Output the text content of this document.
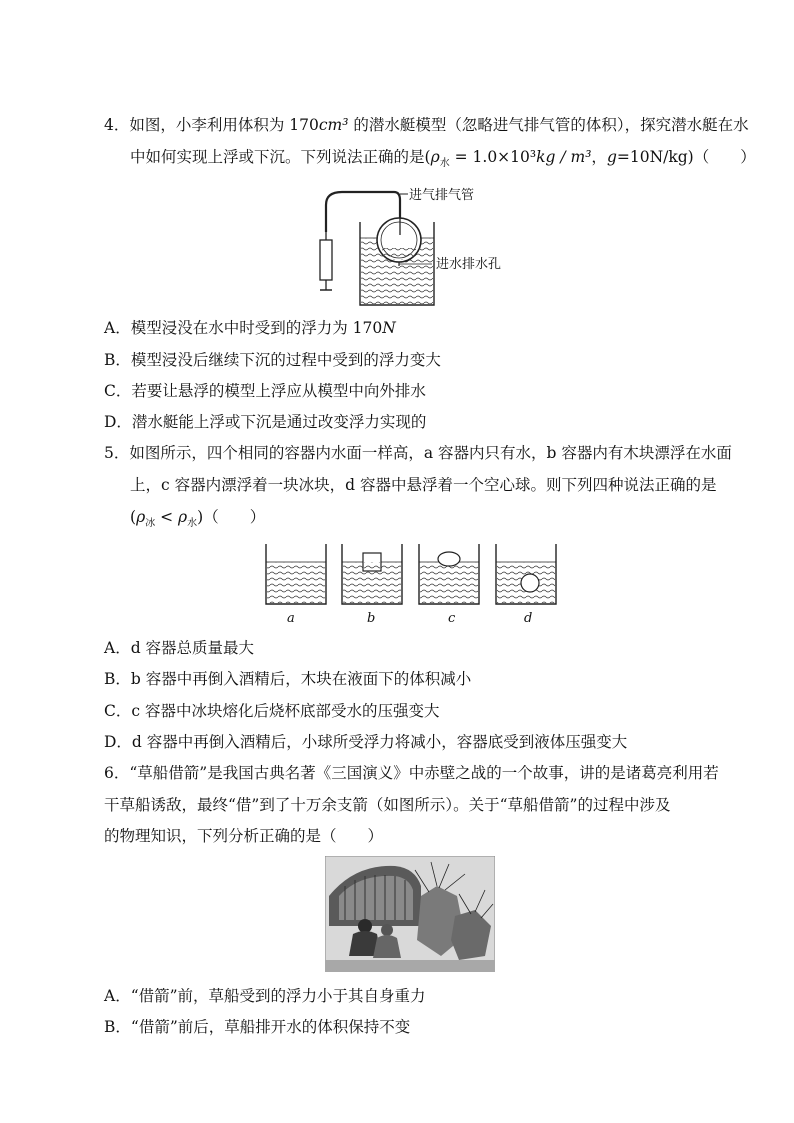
4．如图，小李利用体积为 170cm³ 的潜水艇模型（忽略进气排气管的体积），探究潜水艇在水
中如何实现上浮或下沉。下列说法正确的是($\rho_水 = 1.0\times 10^3kg / m^3$，g=10N/kg)（　　）
进气排气管
进水排水孔
A．模型浸没在水中时受到的浮力为 170N
B．模型浸没后继续下沉的过程中受到的浮力变大
C．若要让悬浮的模型上浮应从模型中向外排水
D．潜水艇能上浮或下沉是通过改变浮力实现的
5．如图所示，四个相同的容器内水面一样高，a 容器内只有水，b 容器内有木块漂浮在水面
上，c 容器内漂浮着一块冰块，d 容器中悬浮着一个空心球。则下列四种说法正确的是
$(\rho_冰 < \rho_水)$（　　）
a	b	c	d
A．d 容器总质量最大
B．b 容器中再倒入酒精后，木块在液面下的体积减小
C．c 容器中冰块熔化后烧杯底部受水的压强变大
D．d 容器中再倒入酒精后，小球所受浮力将减小，容器底受到液体压强变大
6．“草船借箭”是我国古典名著《三国演义》中赤壁之战的一个故事，讲的是诸葛亮利用若
干草船诱敌，最终“借”到了十万余支箭（如图所示）。关于“草船借箭”的过程中涉及
的物理知识，下列分析正确的是（　　）
A．“借箭”前，草船受到的浮力小于其自身重力
B．“借箭”前后，草船排开水的体积保持不变
